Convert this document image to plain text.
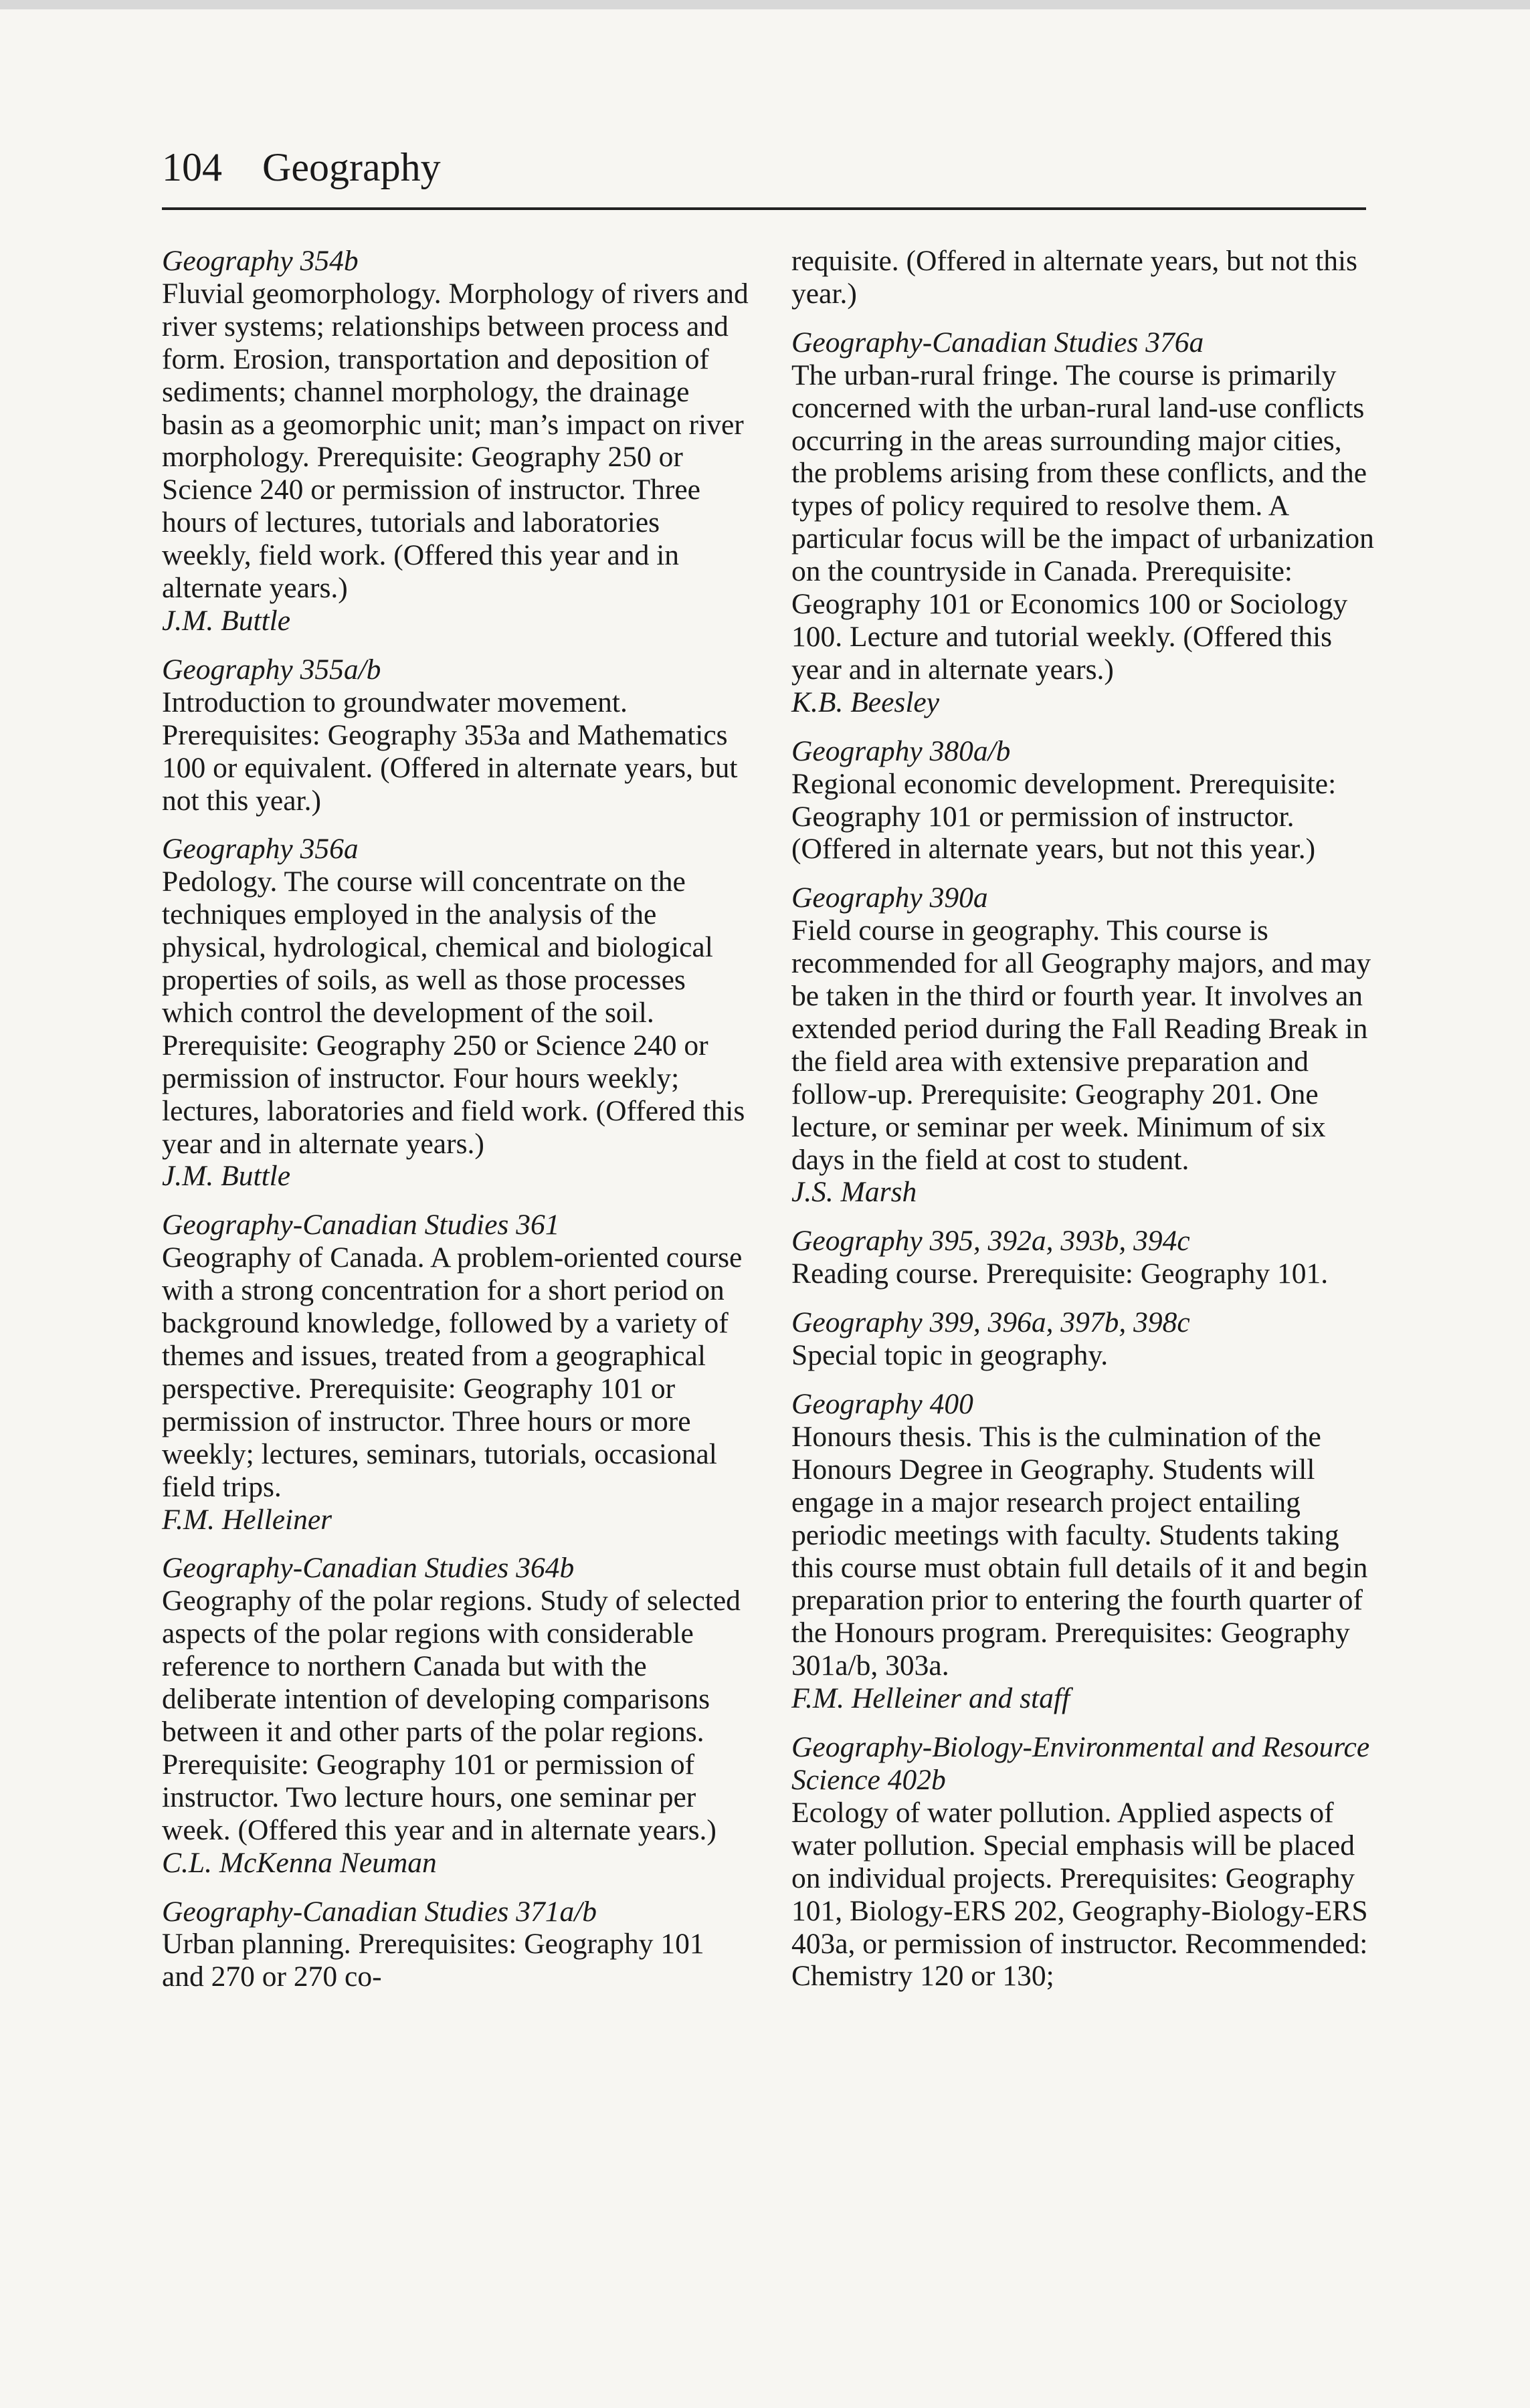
104 Geography
Geography 354b
Fluvial geomorphology. Morphology of rivers and river systems; relationships between process and form. Erosion, transportation and deposition of sediments; channel morphology, the drainage basin as a geomorphic unit; man’s impact on river morphology. Prerequisite: Geography 250 or Science 240 or permission of instructor. Three hours of lectures, tutorials and laboratories weekly, field work. (Offered this year and in alternate years.)
J.M. Buttle
Geography 355a/b
Introduction to groundwater movement. Prerequisites: Geography 353a and Mathematics 100 or equivalent. (Offered in alternate years, but not this year.)
Geography 356a
Pedology. The course will concentrate on the techniques employed in the analysis of the physical, hydrological, chemical and biological properties of soils, as well as those processes which control the development of the soil. Prerequisite: Geography 250 or Science 240 or permission of instructor. Four hours weekly; lectures, laboratories and field work. (Offered this year and in alternate years.)
J.M. Buttle
Geography-Canadian Studies 361
Geography of Canada. A problem-oriented course with a strong concentration for a short period on background knowledge, followed by a variety of themes and issues, treated from a geographical perspective. Prerequisite: Geography 101 or permission of instructor. Three hours or more weekly; lectures, seminars, tutorials, occasional field trips.
F.M. Helleiner
Geography-Canadian Studies 364b
Geography of the polar regions. Study of selected aspects of the polar regions with considerable reference to northern Canada but with the deliberate intention of developing comparisons between it and other parts of the polar regions. Prerequisite: Geography 101 or permission of instructor. Two lecture hours, one seminar per week. (Offered this year and in alternate years.)
C.L. McKenna Neuman
Geography-Canadian Studies 371a/b
Urban planning. Prerequisites: Geography 101 and 270 or 270 co-
requisite. (Offered in alternate years, but not this year.)
Geography-Canadian Studies 376a
The urban-rural fringe. The course is primarily concerned with the urban-rural land-use conflicts occurring in the areas surrounding major cities, the problems arising from these conflicts, and the types of policy required to resolve them. A particular focus will be the impact of urbanization on the countryside in Canada. Prerequisite: Geography 101 or Economics 100 or Sociology 100. Lecture and tutorial weekly. (Offered this year and in alternate years.)
K.B. Beesley
Geography 380a/b
Regional economic development. Prerequisite: Geography 101 or permission of instructor. (Offered in alternate years, but not this year.)
Geography 390a
Field course in geography. This course is recommended for all Geography majors, and may be taken in the third or fourth year. It involves an extended period during the Fall Reading Break in the field area with extensive preparation and follow-up. Prerequisite: Geography 201. One lecture, or seminar per week. Minimum of six days in the field at cost to student.
J.S. Marsh
Geography 395, 392a, 393b, 394c
Reading course. Prerequisite: Geography 101.
Geography 399, 396a, 397b, 398c
Special topic in geography.
Geography 400
Honours thesis. This is the culmination of the Honours Degree in Geography. Students will engage in a major research project entailing periodic meetings with faculty. Students taking this course must obtain full details of it and begin preparation prior to entering the fourth quarter of the Honours program. Prerequisites: Geography 301a/b, 303a.
F.M. Helleiner and staff
Geography-Biology-Environmental and Resource Science 402b
Ecology of water pollution. Applied aspects of water pollution. Special emphasis will be placed on individual projects. Prerequisites: Geography 101, Biology-ERS 202, Geography-Biology-ERS 403a, or permission of instructor. Recommended: Chemistry 120 or 130;
